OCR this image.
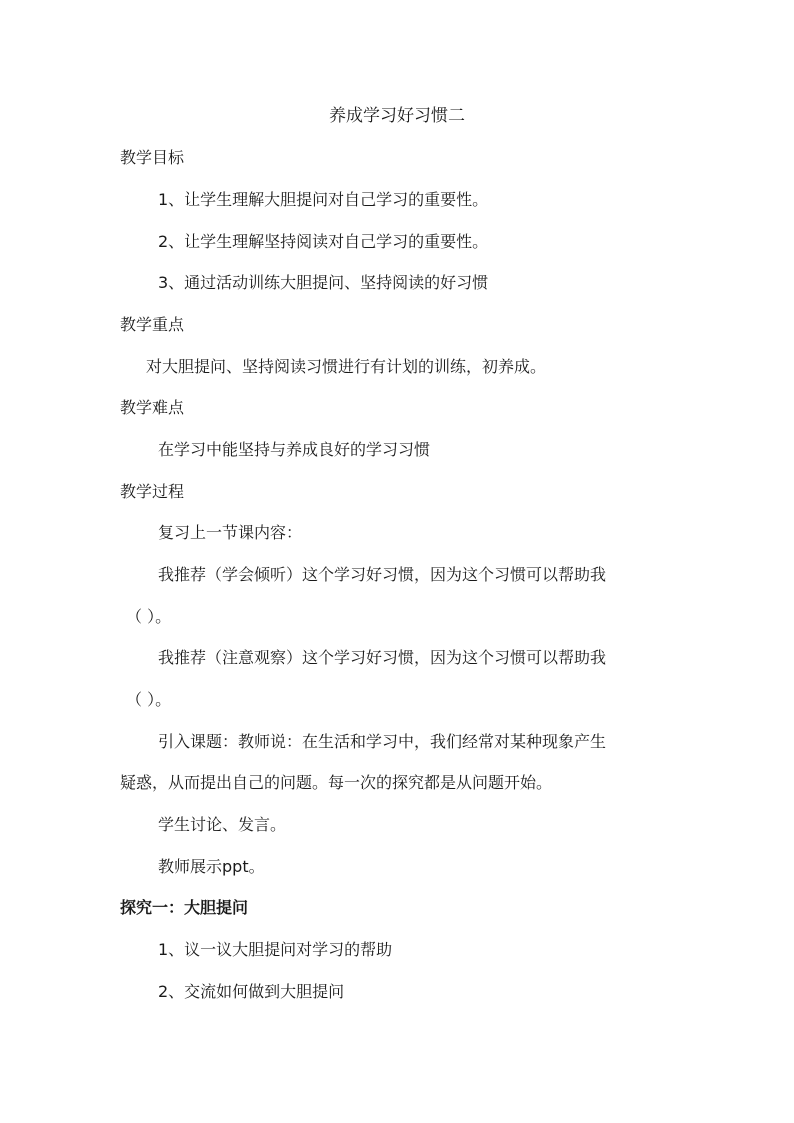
养成学习好习惯二
教学目标
1、让学生理解大胆提问对自己学习的重要性。
2、让学生理解坚持阅读对自己学习的重要性。
3、通过活动训练大胆提问、坚持阅读的好习惯
教学重点
对大胆提问、坚持阅读习惯进行有计划的训练，初养成。
教学难点
在学习中能坚持与养成良好的学习习惯
教学过程
复习上一节课内容：
我推荐（学会倾听）这个学习好习惯，因为这个习惯可以帮助我
（ ）。
我推荐（注意观察）这个学习好习惯，因为这个习惯可以帮助我
（ ）。
引入课题：教师说：在生活和学习中，我们经常对某种现象产生
疑惑，从而提出自己的问题。每一次的探究都是从问题开始。
学生讨论、发言。
教师展示ppt。
探究一：大胆提问
1、议一议大胆提问对学习的帮助
2、交流如何做到大胆提问
